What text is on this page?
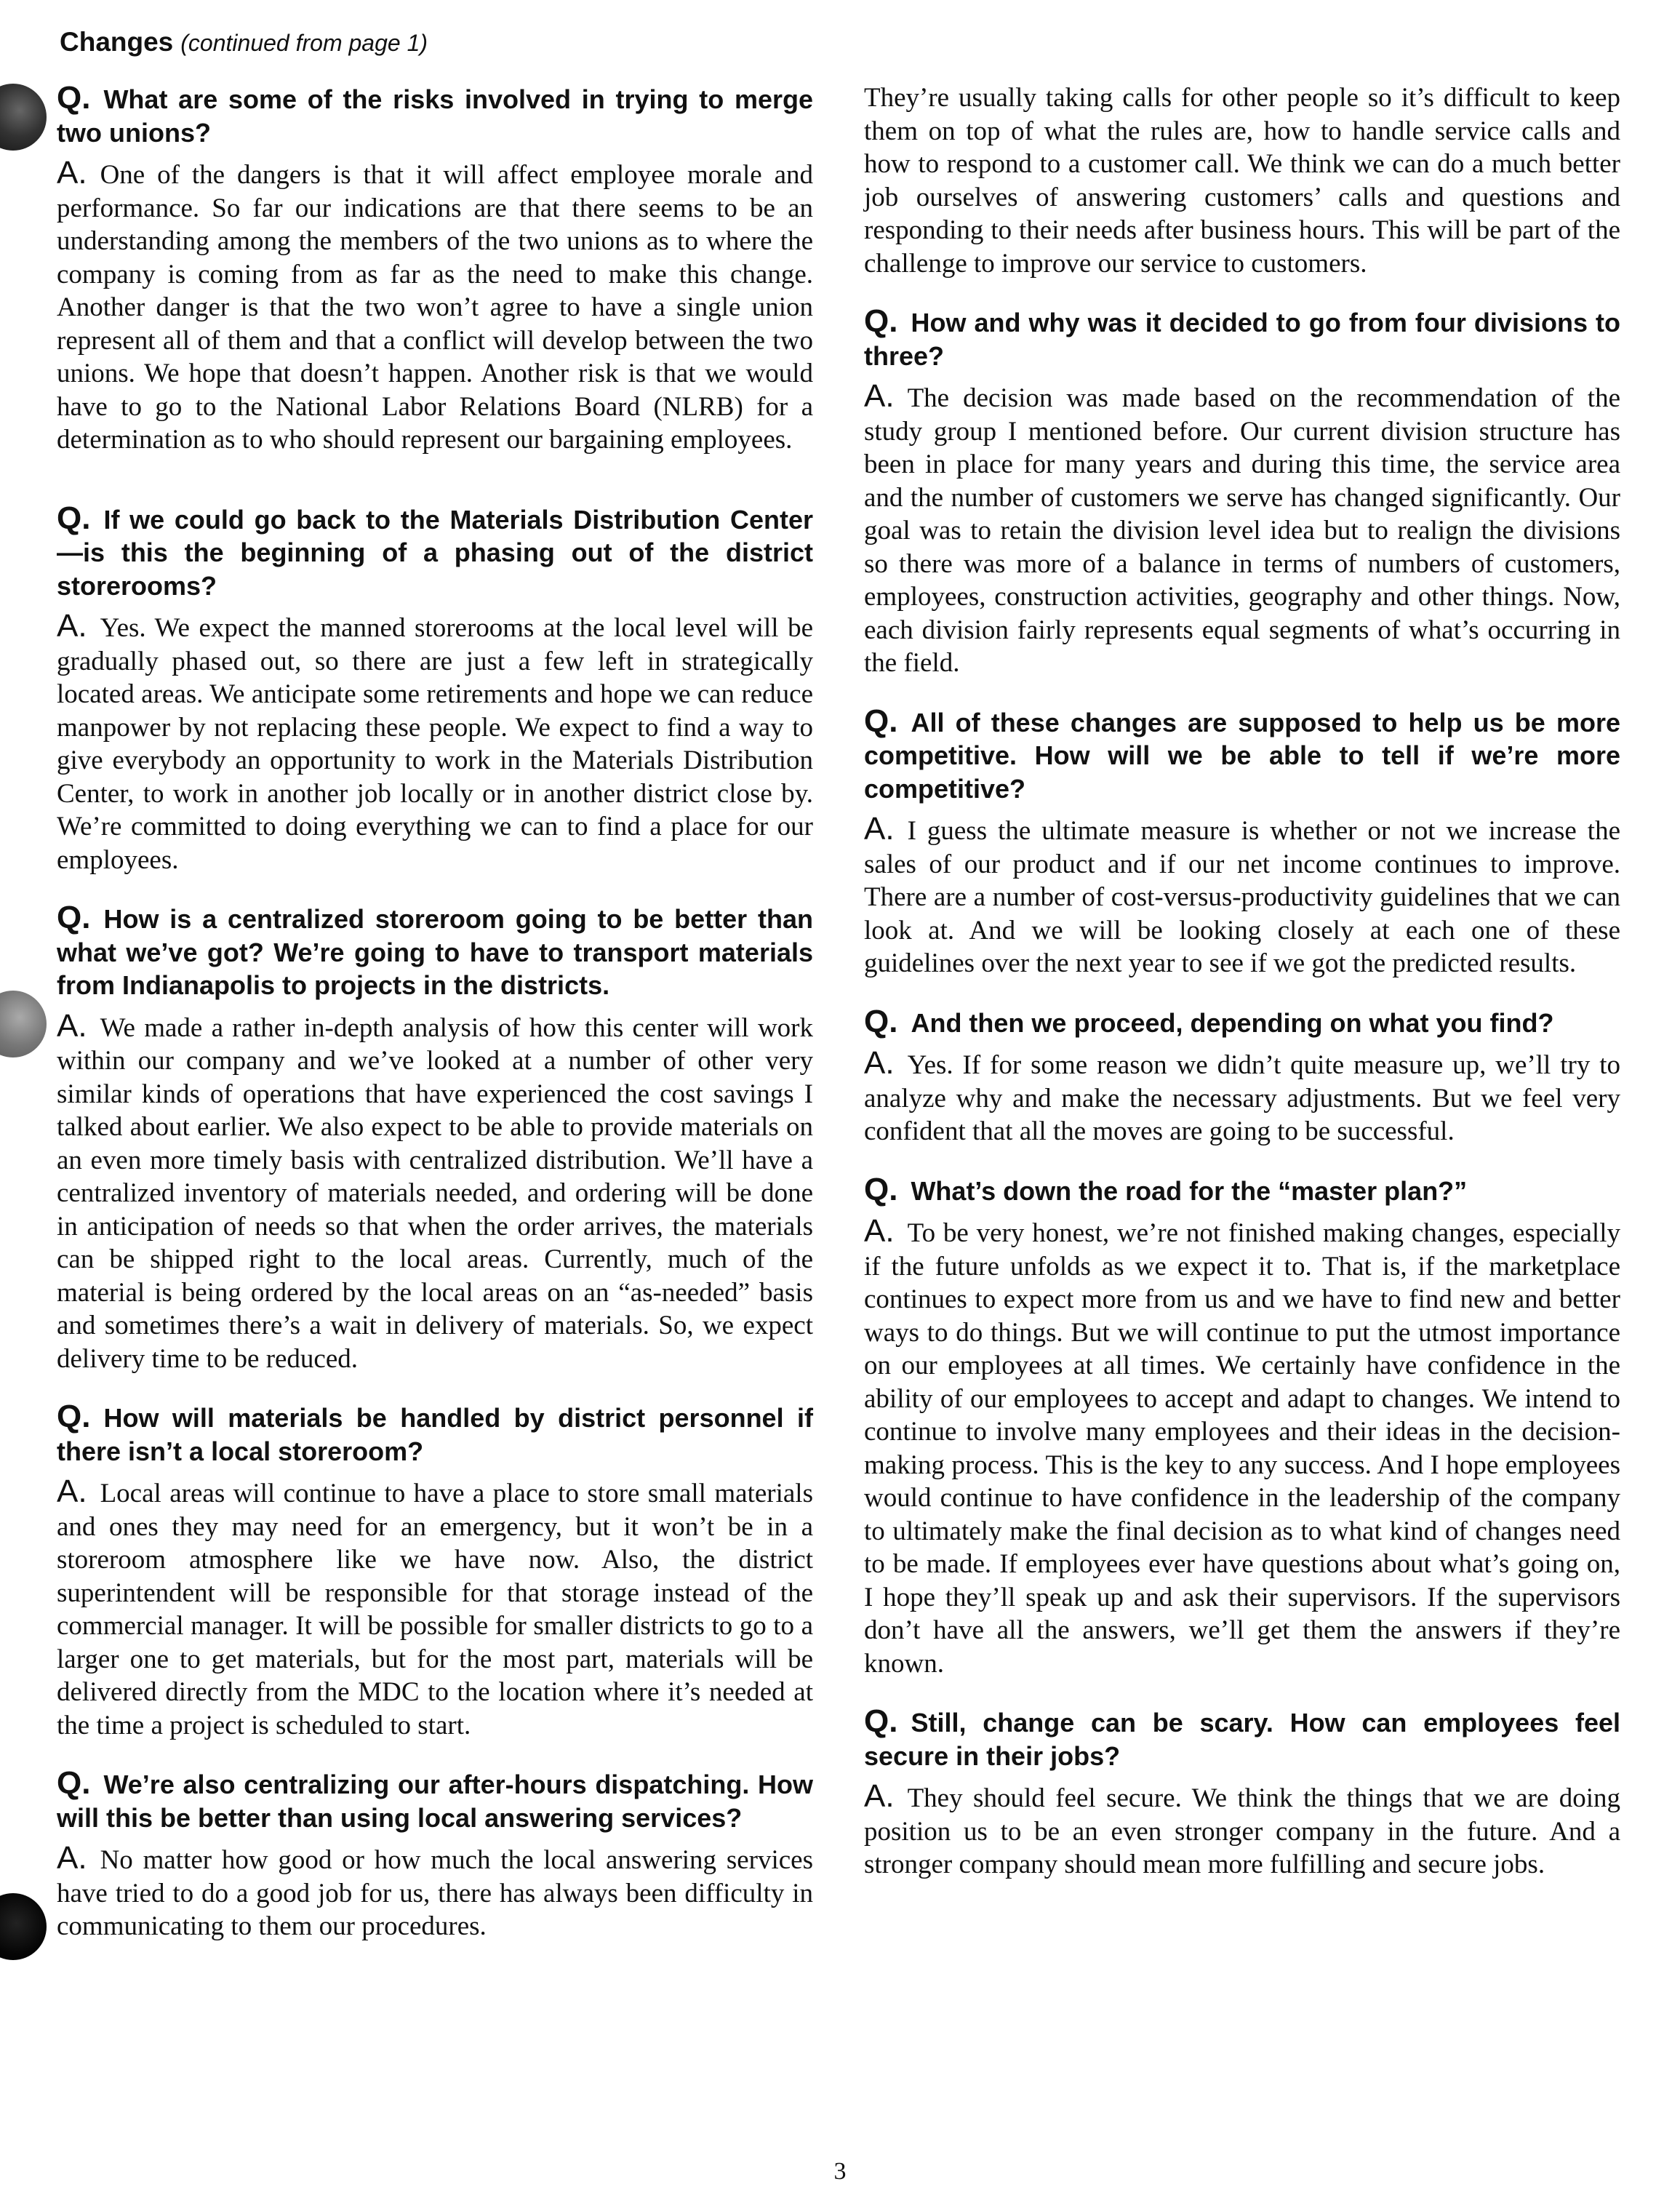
Changes (continued from page 1)

Q. What are some of the risks involved in trying to merge two unions?

A. One of the dangers is that it will affect employee morale and performance. So far our indications are that there seems to be an understanding among the members of the two unions as to where the company is coming from as far as the need to make this change. Another danger is that the two won’t agree to have a single union represent all of them and that a conflict will develop between the two unions. We hope that doesn’t happen. Another risk is that we would have to go to the National Labor Relations Board (NLRB) for a determination as to who should represent our bargaining employees.

Q. If we could go back to the Materials Distribution Center—is this the beginning of a phasing out of the district storerooms?

A. Yes. We expect the manned storerooms at the local level will be gradually phased out, so there are just a few left in strategically located areas. We anticipate some retirements and hope we can reduce manpower by not replacing these people. We expect to find a way to give everybody an opportunity to work in the Materials Distribution Center, to work in another job locally or in another district close by. We’re committed to doing everything we can to find a place for our employees.

Q. How is a centralized storeroom going to be better than what we’ve got? We’re going to have to transport materials from Indianapolis to projects in the districts.

A. We made a rather in-depth analysis of how this center will work within our company and we’ve looked at a number of other very similar kinds of operations that have experienced the cost savings I talked about earlier. We also expect to be able to provide materials on an even more timely basis with centralized distribution. We’ll have a centralized inventory of materials needed, and ordering will be done in anticipation of needs so that when the order arrives, the materials can be shipped right to the local areas. Currently, much of the material is being ordered by the local areas on an “as-needed” basis and sometimes there’s a wait in delivery of materials. So, we expect delivery time to be reduced.

Q. How will materials be handled by district personnel if there isn’t a local storeroom?

A. Local areas will continue to have a place to store small materials and ones they may need for an emergency, but it won’t be in a storeroom atmosphere like we have now. Also, the district superintendent will be responsible for that storage instead of the commercial manager. It will be possible for smaller districts to go to a larger one to get materials, but for the most part, materials will be delivered directly from the MDC to the location where it’s needed at the time a project is scheduled to start.

Q. We’re also centralizing our after-hours dispatching. How will this be better than using local answering services?

A. No matter how good or how much the local answering services have tried to do a good job for us, there has always been difficulty in communicating to them our procedures.

They’re usually taking calls for other people so it’s difficult to keep them on top of what the rules are, how to handle service calls and how to respond to a customer call. We think we can do a much better job ourselves of answering customers’ calls and questions and responding to their needs after business hours. This will be part of the challenge to improve our service to customers.

Q. How and why was it decided to go from four divisions to three?

A. The decision was made based on the recommendation of the study group I mentioned before. Our current division structure has been in place for many years and during this time, the service area and the number of customers we serve has changed significantly. Our goal was to retain the division level idea but to realign the divisions so there was more of a balance in terms of numbers of customers, employees, construction activities, geography and other things. Now, each division fairly represents equal segments of what’s occurring in the field.

Q. All of these changes are supposed to help us be more competitive. How will we be able to tell if we’re more competitive?

A. I guess the ultimate measure is whether or not we increase the sales of our product and if our net income continues to improve. There are a number of cost-versus-productivity guidelines that we can look at. And we will be looking closely at each one of these guidelines over the next year to see if we got the predicted results.

Q. And then we proceed, depending on what you find?

A. Yes. If for some reason we didn’t quite measure up, we’ll try to analyze why and make the necessary adjustments. But we feel very confident that all the moves are going to be successful.

Q. What’s down the road for the “master plan?”

A. To be very honest, we’re not finished making changes, especially if the future unfolds as we expect it to. That is, if the marketplace continues to expect more from us and we have to find new and better ways to do things. But we will continue to put the utmost importance on our employees at all times. We certainly have confidence in the ability of our employees to accept and adapt to changes. We intend to continue to involve many employees and their ideas in the decision-making process. This is the key to any success. And I hope employees would continue to have confidence in the leadership of the company to ultimately make the final decision as to what kind of changes need to be made. If employees ever have questions about what’s going on, I hope they’ll speak up and ask their supervisors. If the supervisors don’t have all the answers, we’ll get them the answers if they’re known.

Q. Still, change can be scary. How can employees feel secure in their jobs?

A. They should feel secure. We think the things that we are doing position us to be an even stronger company in the future. And a stronger company should mean more fulfilling and secure jobs.

3
